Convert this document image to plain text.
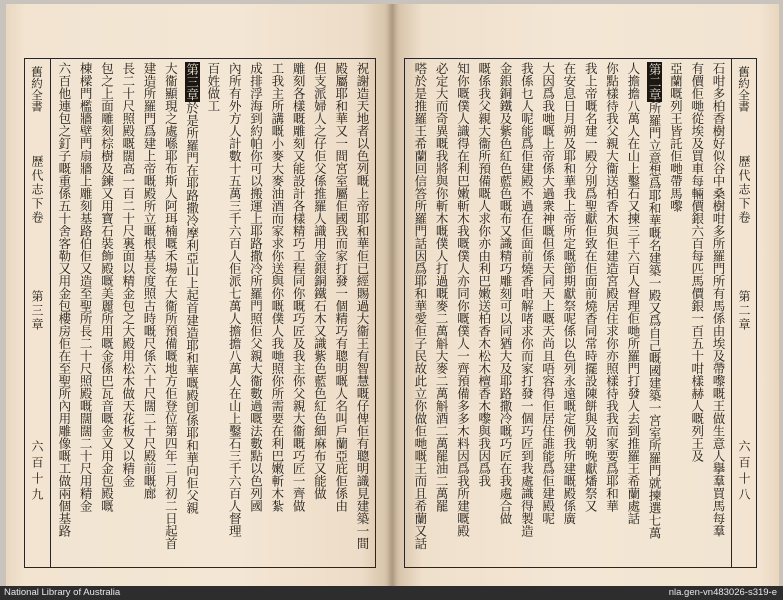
舊約全書
歷代志下卷
第三章
六百十九	祝謝造天地者以色列嘅上帝耶和華佢已經賜過大衞王有智慧嘅仔俾佢有聰明識見建築一間
殿屬耶和華又一間宮室屬佢國我而家打發一個精巧有聰明嘅人名叫戶蘭亞庇佢係由
但支派婦人之仔佢父係推羅人識用金銀銅鐵石木又識紫色藍色紅色細麻布又能做
雕刻各樣嘅雕刻又能設計各樣精巧工程同你嘅巧匠及我主你父親大衞嘅巧匠一齊做
工我主所講嘅小麥大麥油酒而家求你送與你嘅僕人我哋照你所需要在利巴嫩斬木紮
成排浮海到約帕你可以搬運上耶路撒冷所羅門照佢父親大衞數過嘅法數點以色列國
內所有外方人計數十五萬三千六百人佢派七萬人擔擔八萬人在山上鑿石三千六百人督理
百姓做工
第三章於是所羅門在耶路撒冷摩利亞山上起首建造耶和華嘅殿卽係耶和華向佢父親
大衞顯現之處喺耶布斯人阿珥楠嘅禾場在大衞所預備嘅地方佢登位第四年二月初二日起首
建造所羅門爲建上帝嘅殿所立嘅根基長度照古時嘅尺係六十尺闊二十尺殿前嘅廊
長二十尺照殿嘅闊高一百二十尺裏面以精金包之大殿用松木做天花板又以精金
包之上面雕刻棕樹及鍊又用寶石裝飾殿嘅美麗所用嘅金係巴瓦音嘅金又用金包殿嘅
棟樑門檻牆壁門扇牆上雕刻基路伯佢又造至聖所長二十尺照殿嘅闊闊二十尺用精金
六百他連包之釘子嘅重係五十舍客勒又用金包樓房佢在至聖所內用雕像嘅工做兩個基路	舊約全書
歷代志下卷
第二章
六百十八
石咁多柏香樹好似谷中桑樹咁多所羅門所有馬係由埃及帶嚟嘅王做生意人擧羣買馬每羣
有價佢哋從埃及買車每輛價銀六百每匹馬價銀一百五十咁樣赫人嘅列王及
亞蘭嘅列王皆託佢哋帶馬嚟
第二章所羅門立意想爲耶和華嘅名建築一殿又爲自己嘅國建築一宮室所羅門就揀選七萬
人擔擔八萬人在山上鑿石又揀三千六百人督理佢哋所羅門打發人去到推羅王希蘭處話
你點樣待我父親大衞送柏香木與佢建造宮殿居住求你亦照樣待我我而家要爲耶和華
我上帝嘅名建一殿分別爲聖獻佢致在佢面前燒香同常時擺設陳餅與及朝晚獻燔祭又
在安息日月朔及耶和華我上帝所定嘅節期獻祭呢係以色列永遠嘅定例我所建嘅殿係廣
大因爲我哋嘅上帝係大過衆神嘅但係天同天上嘅天尚且唔容得佢居住誰能爲佢建殿呢
我係乜人呢能爲佢建殿不過在佢面前燒香咁解啫求你而家打發一個巧匠到我處識得製造
金銀銅鐵及紫色紅色藍色嘅布又識精巧雕刻可以同猶大及耶路撒冷嘅巧匠在我處合做
嘅係我父親大衞所預備嘅人求你亦由利巴嫩送柏香木松木檀香木嚟與我因爲我
知你嘅僕人識得在利巴嫩斬木我嘅僕人亦同你嘅僕人一齊預備多多木料因爲我所建嘅殿
必定大而奇異嘅我將與你斬木嘅僕人打過嘅麥二萬斛大麥二萬斛酒二萬罷油二萬罷
嗒於是推羅王希蘭回信答所羅門話因爲耶和華愛佢子民故此立你做佢哋嘅王而且希蘭又話
National Library of Australia	nla.gen-vn483026-s319-e
